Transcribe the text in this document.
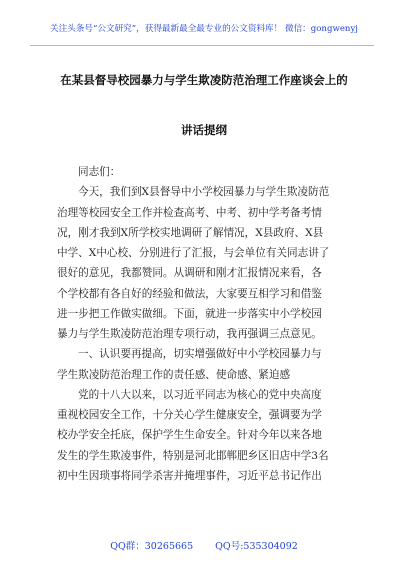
关注头条号“公文研究”，获得最新最全最专业的公文资料库！ 微信：gongwenyj
在某县督导校园暴力与学生欺凌防范治理工作座谈会上的
讲话提纲
同志们：
今天，我们到X县督导中小学校园暴力与学生欺凌防范
治理等校园安全工作并检查高考、中考、初中学考备考情
况，刚才我到X所学校实地调研了解情况，X县政府、X县
中学、X中心校、分别进行了汇报，与会单位有关同志讲了
很好的意见，我都赞同。从调研和刚才汇报情况来看，各
个学校都有各自好的经验和做法，大家要互相学习和借鉴
进一步把工作做实做细。下面，就进一步落实中小学校园
暴力与学生欺凌防范治理专项行动，我再强调三点意见。
一、认识要再提高，切实增强做好中小学校园暴力与
学生欺凌防范治理工作的责任感、使命感、紧迫感
党的十八大以来，以习近平同志为核心的党中央高度
重视校园安全工作，十分关心学生健康安全，强调要为学
校办学安全托底，保护学生生命安全。针对今年以来各地
发生的学生欺凌事件，特别是河北邯郸肥乡区旧店中学3名
初中生因琐事将同学杀害并掩埋事件，习近平总书记作出
QQ群：30265665 QQ号:535304092
